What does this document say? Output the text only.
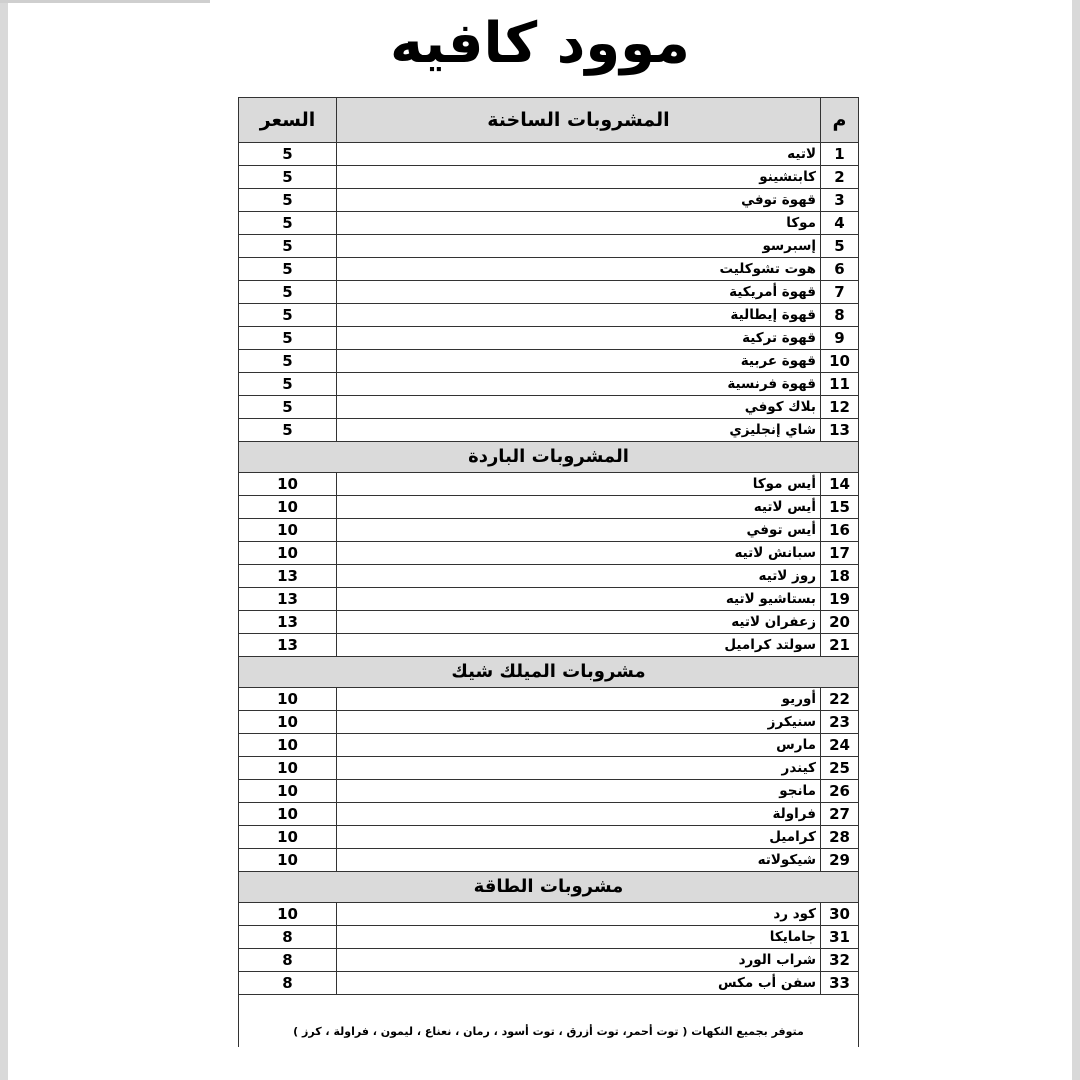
موود كافيه
م	المشروبات الساخنة	السعر
1	لاتيه	5
2	كابتشينو	5
3	قهوة توفي	5
4	موكا	5
5	إسبرسو	5
6	هوت تشوكليت	5
7	قهوة أمريكية	5
8	قهوة إيطالية	5
9	قهوة تركية	5
10	قهوة عربية	5
11	قهوة فرنسية	5
12	بلاك كوفي	5
13	شاي إنجليزي	5
المشروبات الباردة		
14	أيس موكا	10
15	أيس لاتيه	10
16	أيس توفي	10
17	سبانش لاتيه	10
18	روز لاتيه	13
19	بستاشيو لاتيه	13
20	زعفران لاتيه	13
21	سولتد كراميل	13
مشروبات الميلك شيك		
22	أوريو	10
23	سنيكرز	10
24	مارس	10
25	كيندر	10
26	مانجو	10
27	فراولة	10
28	كراميل	10
29	شيكولاته	10
مشروبات الطاقة		
30	كود رد	10
31	جامايكا	8
32	شراب الورد	8
33	سفن أب مكس	8
متوفر بجميع النكهات ( توت أحمر، توت أزرق ، توت أسود ، رمان ، نعناع ، ليمون ، فراولة ، كرز )		
